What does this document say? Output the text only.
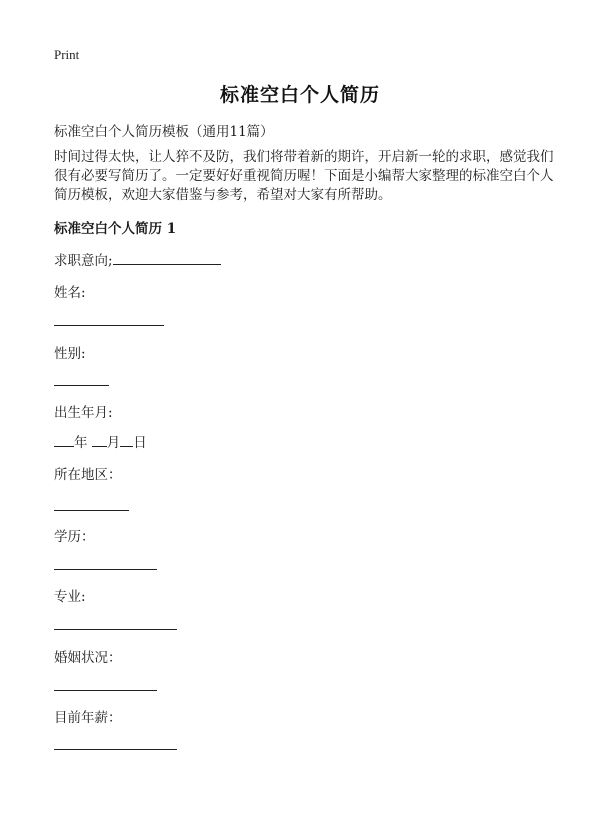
Print
标准空白个人简历
标准空白个人简历模板（通用11篇）
时间过得太快，让人猝不及防，我们将带着新的期许，开启新一轮的求职，感觉我们很有必要写简历了。一定要好好重视简历喔！下面是小编帮大家整理的标准空白个人简历模板，欢迎大家借鉴与参考，希望对大家有所帮助。
标准空白个人简历 1
求职意向;
姓名:
性别:
出生年月:
年 月 日
所在地区：
学历：
专业:
婚姻状况：
目前年薪：
